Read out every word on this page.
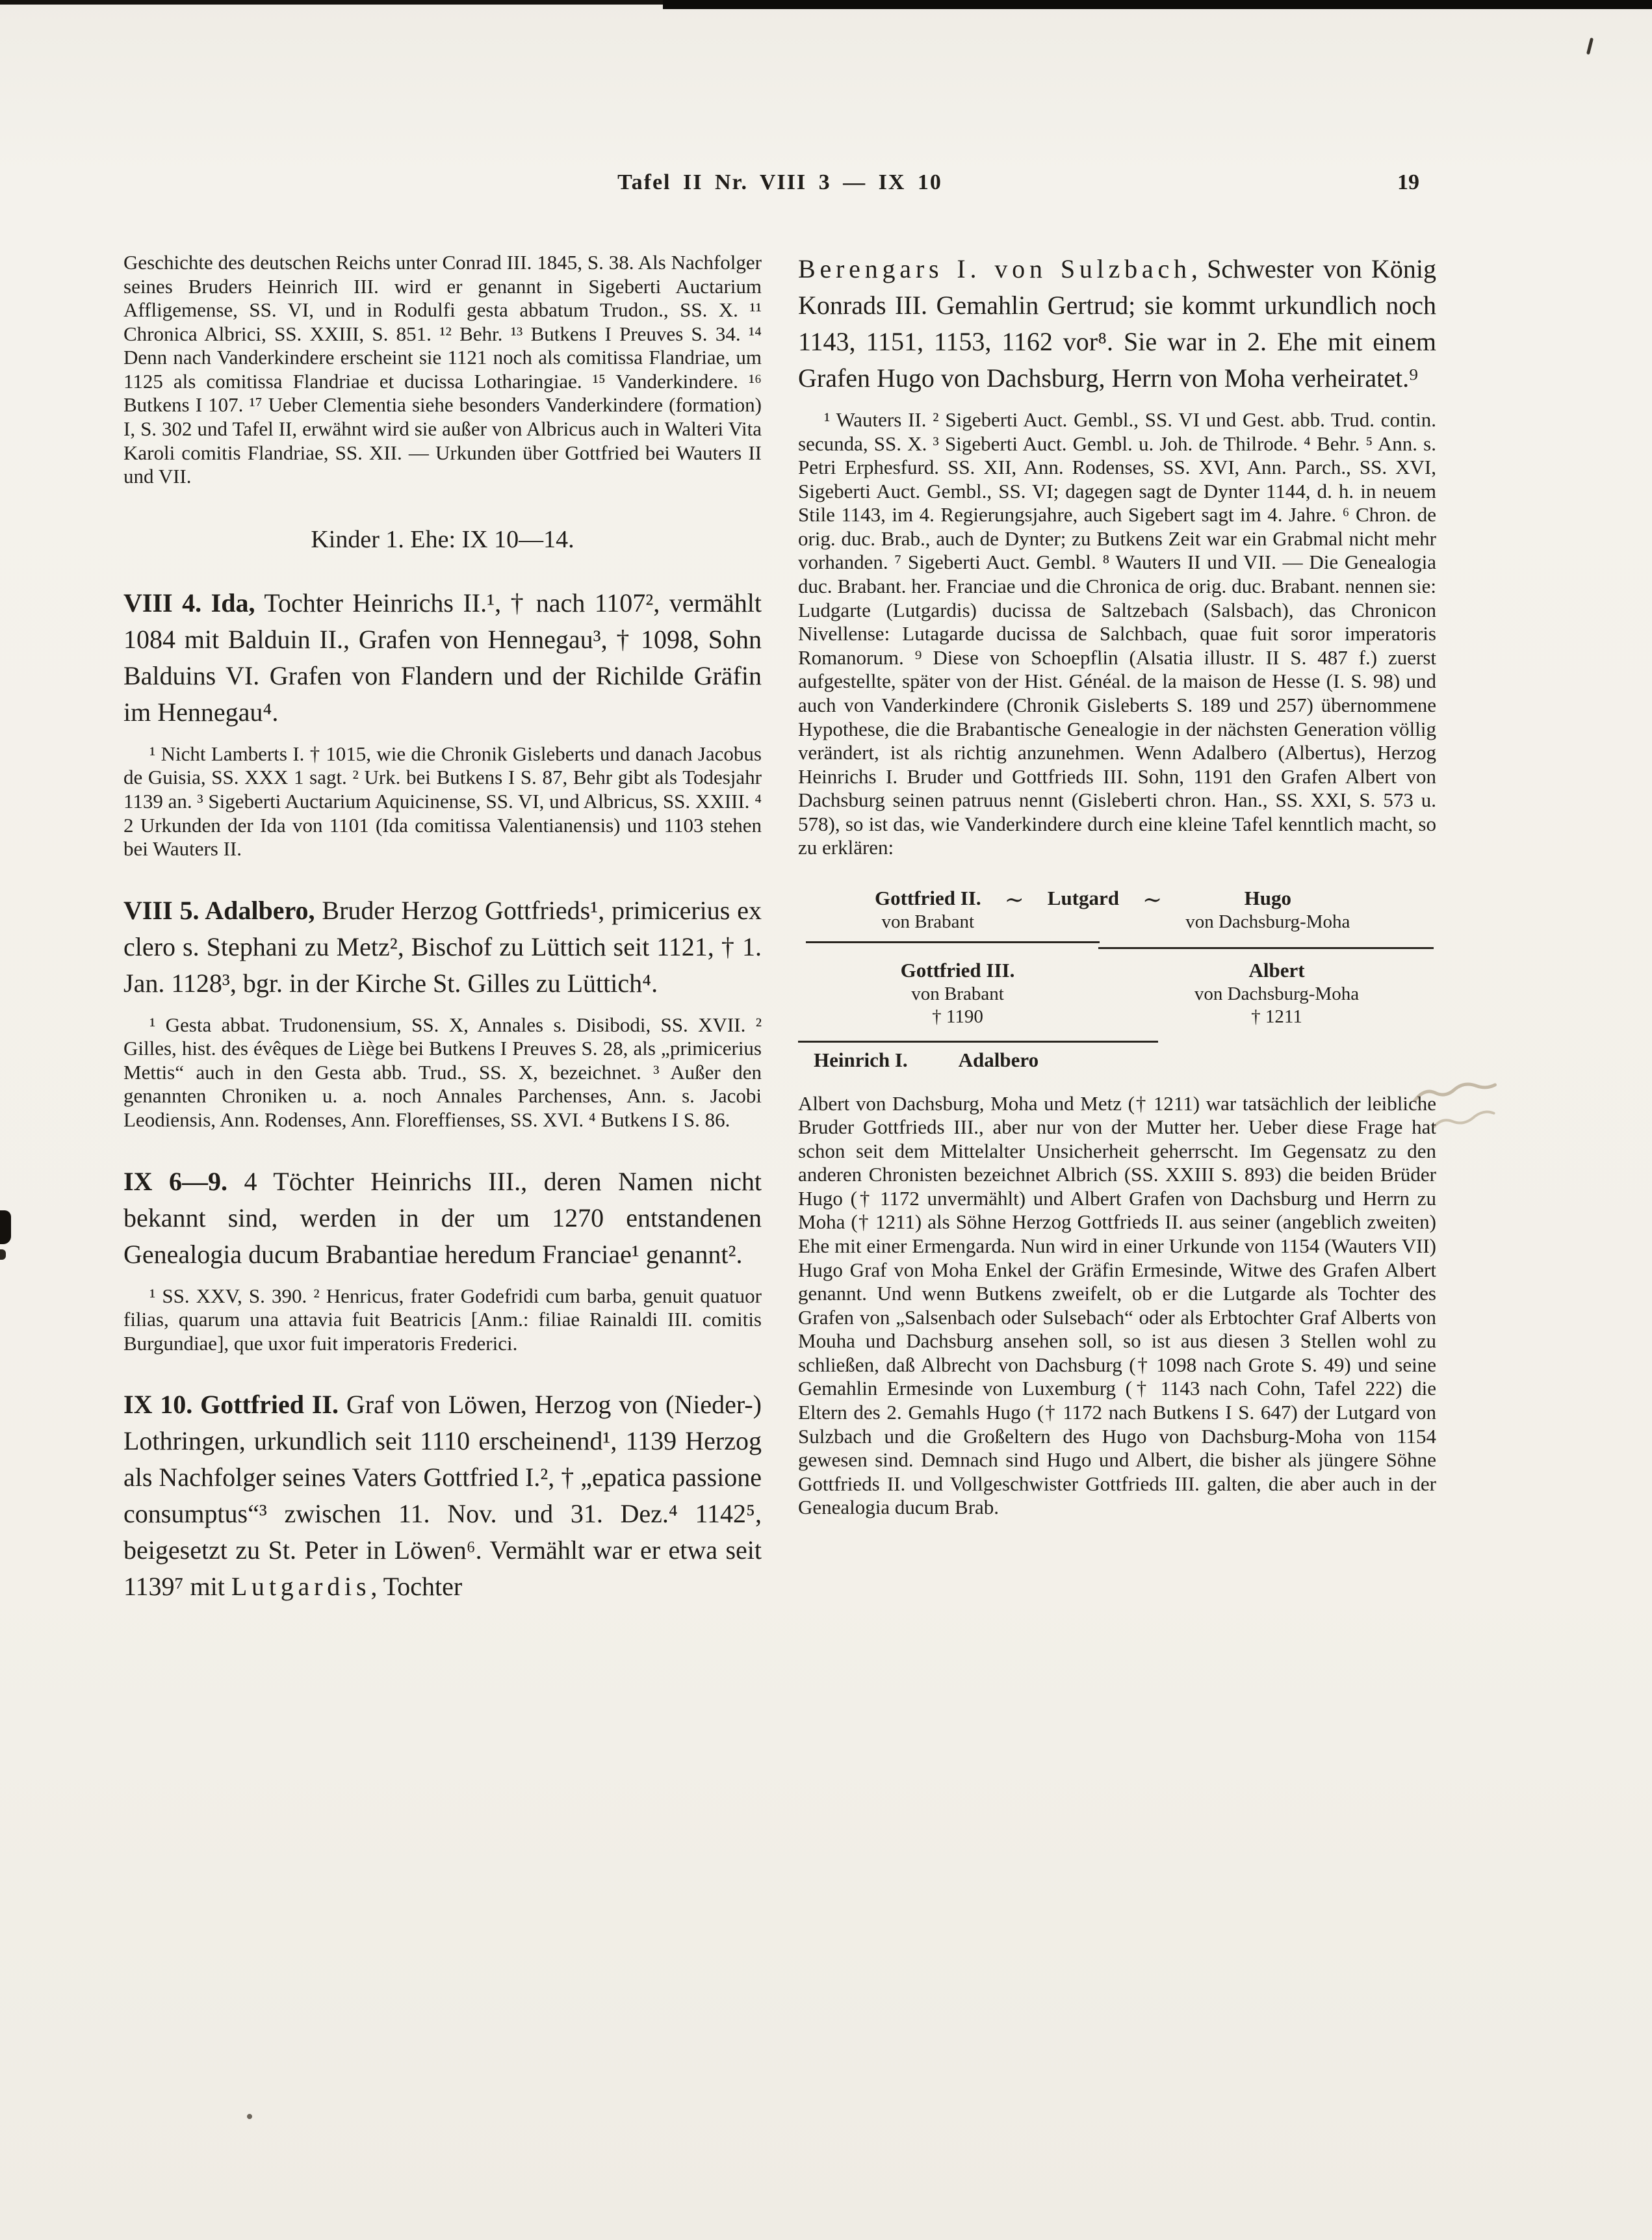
Tafel II Nr. VIII 3 — IX 10	19

Geschichte des deutschen Reichs unter Conrad III. 1845, S. 38. Als Nachfolger seines Bruders Heinrich III. wird er genannt in Sigeberti Auctarium Affligemense, SS. VI, und in Rodulfi gesta abbatum Trudon., SS. X. ¹¹ Chronica Albrici, SS. XXIII, S. 851. ¹² Behr. ¹³ Butkens I Preuves S. 34. ¹⁴ Denn nach Vanderkindere erscheint sie 1121 noch als comitissa Flandriae, um 1125 als comitissa Flandriae et ducissa Lotharingiae. ¹⁵ Vanderkindere. ¹⁶ Butkens I 107. ¹⁷ Ueber Clementia siehe besonders Vanderkindere (formation) I, S. 302 und Tafel II, erwähnt wird sie außer von Albricus auch in Walteri Vita Karoli comitis Flandriae, SS. XII. — Urkunden über Gottfried bei Wauters II und VII.

Kinder 1. Ehe: IX 10—14.

VIII 4. Ida, Tochter Heinrichs II.¹, † nach 1107², vermählt 1084 mit Balduin II., Grafen von Hennegau³, † 1098, Sohn Balduins VI. Grafen von Flandern und der Richilde Gräfin im Hennegau⁴.

¹ Nicht Lamberts I. † 1015, wie die Chronik Gisleberts und danach Jacobus de Guisia, SS. XXX 1 sagt. ² Urk. bei Butkens I S. 87, Behr gibt als Todesjahr 1139 an. ³ Sigeberti Auctarium Aquicinense, SS. VI, und Albricus, SS. XXIII. ⁴ 2 Urkunden der Ida von 1101 (Ida comitissa Valentianensis) und 1103 stehen bei Wauters II.

VIII 5. Adalbero, Bruder Herzog Gottfrieds¹, primicerius ex clero s. Stephani zu Metz², Bischof zu Lüttich seit 1121, † 1. Jan. 1128³, bgr. in der Kirche St. Gilles zu Lüttich⁴.

¹ Gesta abbat. Trudonensium, SS. X, Annales s. Disibodi, SS. XVII. ² Gilles, hist. des évêques de Liège bei Butkens I Preuves S. 28, als „primicerius Mettis“ auch in den Gesta abb. Trud., SS. X, bezeichnet. ³ Außer den genannten Chroniken u. a. noch Annales Parchenses, Ann. s. Jacobi Leodiensis, Ann. Rodenses, Ann. Floreffienses, SS. XVI. ⁴ Butkens I S. 86.

IX 6—9. 4 Töchter Heinrichs III., deren Namen nicht bekannt sind, werden in der um 1270 entstandenen Genealogia ducum Brabantiae heredum Franciae¹ genannt².

¹ SS. XXV, S. 390. ² Henricus, frater Godefridi cum barba, genuit quatuor filias, quarum una attavia fuit Beatricis [Anm.: filiae Rainaldi III. comitis Burgundiae], que uxor fuit imperatoris Frederici.

IX 10. Gottfried II. Graf von Löwen, Herzog von (Nieder-) Lothringen, urkundlich seit 1110 erscheinend¹, 1139 Herzog als Nachfolger seines Vaters Gottfried I.², † „epatica passione consumptus“³ zwischen 11. Nov. und 31. Dez.⁴ 1142⁵, beigesetzt zu St. Peter in Löwen⁶. Vermählt war er etwa seit 1139⁷ mit Lutgardis, Tochter

Berengars I. von Sulzbach, Schwester von König Konrads III. Gemahlin Gertrud; sie kommt urkundlich noch 1143, 1151, 1153, 1162 vor⁸. Sie war in 2. Ehe mit einem Grafen Hugo von Dachsburg, Herrn von Moha verheiratet.⁹

¹ Wauters II. ² Sigeberti Auct. Gembl., SS. VI und Gest. abb. Trud. contin. secunda, SS. X. ³ Sigeberti Auct. Gembl. u. Joh. de Thilrode. ⁴ Behr. ⁵ Ann. s. Petri Erphesfurd. SS. XII, Ann. Rodenses, SS. XVI, Ann. Parch., SS. XVI, Sigeberti Auct. Gembl., SS. VI; dagegen sagt de Dynter 1144, d. h. in neuem Stile 1143, im 4. Regierungsjahre, auch Sigebert sagt im 4. Jahre. ⁶ Chron. de orig. duc. Brab., auch de Dynter; zu Butkens Zeit war ein Grabmal nicht mehr vorhanden. ⁷ Sigeberti Auct. Gembl. ⁸ Wauters II und VII. — Die Genealogia duc. Brabant. her. Franciae und die Chronica de orig. duc. Brabant. nennen sie: Ludgarte (Lutgardis) ducissa de Saltzebach (Salsbach), das Chronicon Nivellense: Lutagarde ducissa de Salchbach, quae fuit soror imperatoris Romanorum. ⁹ Diese von Schoepflin (Alsatia illustr. II S. 487 f.) zuerst aufgestellte, später von der Hist. Généal. de la maison de Hesse (I. S. 98) und auch von Vanderkindere (Chronik Gisleberts S. 189 und 257) übernommene Hypothese, die die Brabantische Genealogie in der nächsten Generation völlig verändert, ist als richtig anzunehmen. Wenn Adalbero (Albertus), Herzog Heinrichs I. Bruder und Gottfrieds III. Sohn, 1191 den Grafen Albert von Dachsburg seinen patruus nennt (Gisleberti chron. Han., SS. XXI, S. 573 u. 578), so ist das, wie Vanderkindere durch eine kleine Tafel kenntlich macht, so zu erklären:

Gottfried II.
von Brabant
∼ Lutgard ∼	Hugo
von Dachsburg-Moha
Gottfried III.
von Brabant
† 1190
Albert
von Dachsburg-Moha
† 1211
Heinrich I.	Adalbero

Albert von Dachsburg, Moha und Metz († 1211) war tatsächlich der leibliche Bruder Gottfrieds III., aber nur von der Mutter her. Ueber diese Frage hat schon seit dem Mittelalter Unsicherheit geherrscht. Im Gegensatz zu den anderen Chronisten bezeichnet Albrich (SS. XXIII S. 893) die beiden Brüder Hugo († 1172 unvermählt) und Albert Grafen von Dachsburg und Herrn zu Moha († 1211) als Söhne Herzog Gottfrieds II. aus seiner (angeblich zweiten) Ehe mit einer Ermengarda. Nun wird in einer Urkunde von 1154 (Wauters VII) Hugo Graf von Moha Enkel der Gräfin Ermesinde, Witwe des Grafen Albert genannt. Und wenn Butkens zweifelt, ob er die Lutgarde als Tochter des Grafen von „Salsenbach oder Sulsebach“ oder als Erbtochter Graf Alberts von Mouha und Dachsburg ansehen soll, so ist aus diesen 3 Stellen wohl zu schließen, daß Albrecht von Dachsburg († 1098 nach Grote S. 49) und seine Gemahlin Ermesinde von Luxemburg († 1143 nach Cohn, Tafel 222) die Eltern des 2. Gemahls Hugo († 1172 nach Butkens I S. 647) der Lutgard von Sulzbach und die Großeltern des Hugo von Dachsburg-Moha von 1154 gewesen sind. Demnach sind Hugo und Albert, die bisher als jüngere Söhne Gottfrieds II. und Vollgeschwister Gottfrieds III. galten, die aber auch in der Genealogia ducum Brab.
